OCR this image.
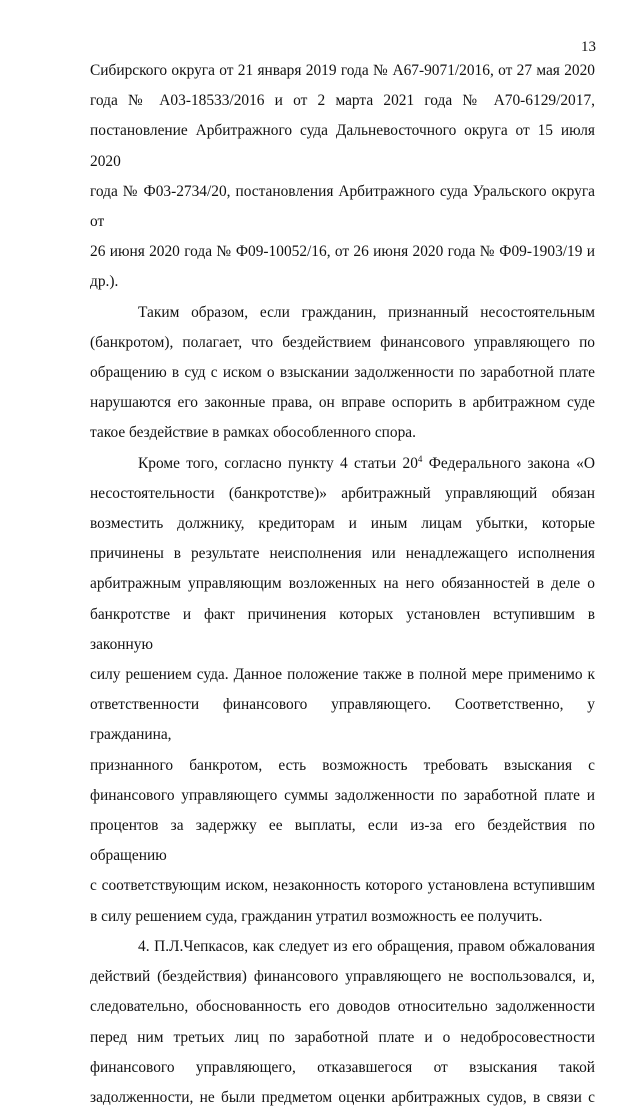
13

Сибирского округа от 21 января 2019 года № А67-9071/2016, от 27 мая 2020

года № А03-18533/2016 и от 2 марта 2021 года № А70-6129/2017,

постановление Арбитражного суда Дальневосточного округа от 15 июля 2020

года № Ф03-2734/20, постановления Арбитражного суда Уральского округа от

26 июня 2020 года № Ф09-10052/16, от 26 июня 2020 года № Ф09-1903/19 и

др.).

Таким образом, если гражданин, признанный несостоятельным

(банкротом), полагает, что бездействием финансового управляющего по

обращению в суд с иском о взыскании задолженности по заработной плате

нарушаются его законные права, он вправе оспорить в арбитражном суде

такое бездействие в рамках обособленного спора.

Кроме того, согласно пункту 4 статьи $20^4$ Федерального закона «О

несостоятельности (банкротстве)» арбитражный управляющий обязан

возместить должнику, кредиторам и иным лицам убытки, которые

причинены в результате неисполнения или ненадлежащего исполнения

арбитражным управляющим возложенных на него обязанностей в деле о

банкротстве и факт причинения которых установлен вступившим в законную

силу решением суда. Данное положение также в полной мере применимо к

ответственности финансового управляющего. Соответственно, у гражданина,

признанного банкротом, есть возможность требовать взыскания с

финансового управляющего суммы задолженности по заработной плате и

процентов за задержку ее выплаты, если из-за его бездействия по обращению

с соответствующим иском, незаконность которого установлена вступившим

в силу решением суда, гражданин утратил возможность ее получить.

4. П.Л.Чепкасов, как следует из его обращения, правом обжалования

действий (бездействия) финансового управляющего не воспользовался, и,

следовательно, обоснованность его доводов относительно задолженности

перед ним третьих лиц по заработной плате и о недобросовестности

финансового управляющего, отказавшегося от взыскания такой

задолженности, не были предметом оценки арбитражных судов, в связи с
